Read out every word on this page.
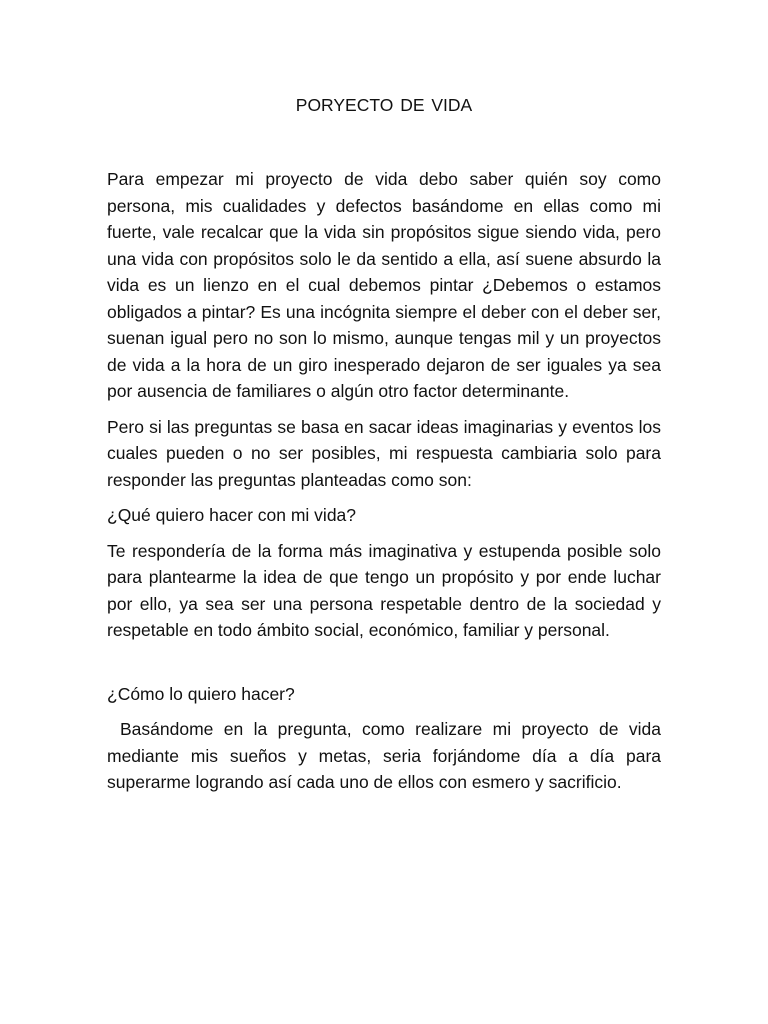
PORYECTO DE VIDA

Para empezar mi proyecto de vida debo saber quién soy como persona, mis cualidades y defectos basándome en ellas como mi fuerte, vale recalcar que la vida sin propósitos sigue siendo vida, pero una vida con propósitos solo le da sentido a ella, así suene absurdo la vida es un lienzo en el cual debemos pintar ¿Debemos o estamos obligados a pintar? Es una incógnita siempre el deber con el deber ser, suenan igual pero no son lo mismo, aunque tengas mil y un proyectos de vida a la hora de un giro inesperado dejaron de ser iguales ya sea por ausencia de familiares o algún otro factor determinante.

Pero si las preguntas se basa en sacar ideas imaginarias y eventos los cuales pueden o no ser posibles, mi respuesta cambiaria solo para responder las preguntas planteadas como son:

¿Qué quiero hacer con mi vida?

Te respondería de la forma más imaginativa y estupenda posible solo para plantearme la idea de que tengo un propósito y por ende luchar por ello, ya sea ser una persona respetable dentro de la sociedad y respetable en todo ámbito social, económico, familiar y personal.

¿Cómo lo quiero hacer?

Basándome en la pregunta, como realizare mi proyecto de vida mediante mis sueños y metas, seria forjándome día a día para superarme logrando así cada uno de ellos con esmero y sacrificio.
